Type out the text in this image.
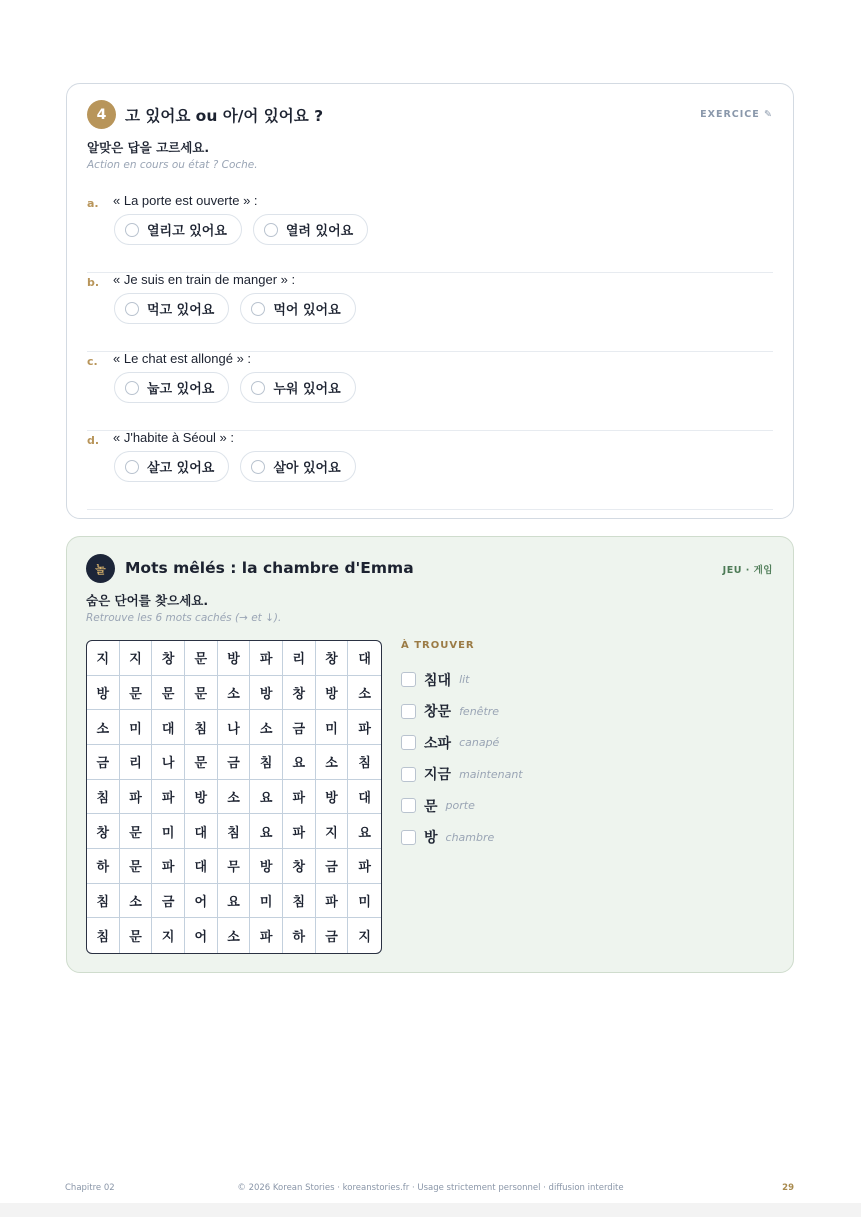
4	고 있어요 ou 아/어 있어요 ?	EXERCICE ✎
알맞은 답을 고르세요.
Action en cours ou état ? Coche.
a. « La porte est ouverte » :
열리고 있어요	열려 있어요
b. « Je suis en train de manger » :
먹고 있어요	먹어 있어요
c. « Le chat est allongé » :
눕고 있어요	누워 있어요
d. « J'habite à Séoul » :
살고 있어요	살아 있어요
놀	Mots mêlés : la chambre d'Emma	JEU · 게임
숨은 단어를 찾으세요.
Retrouve les 6 mots cachés (→ et ↓).
지	지	창	문	방	파	리	창	대
방	문	문	문	소	방	창	방	소
소	미	대	침	나	소	금	미	파
금	리	나	문	금	침	요	소	침
침	파	파	방	소	요	파	방	대
창	문	미	대	침	요	파	지	요
하	문	파	대	무	방	창	금	파
침	소	금	어	요	미	침	파	미
침	문	지	어	소	파	하	금	지
À TROUVER
침대 lit
창문 fenêtre
소파 canapé
지금 maintenant
문 porte
방 chambre
Chapitre 02	© 2026 Korean Stories · koreanstories.fr · Usage strictement personnel · diffusion interdite	29
